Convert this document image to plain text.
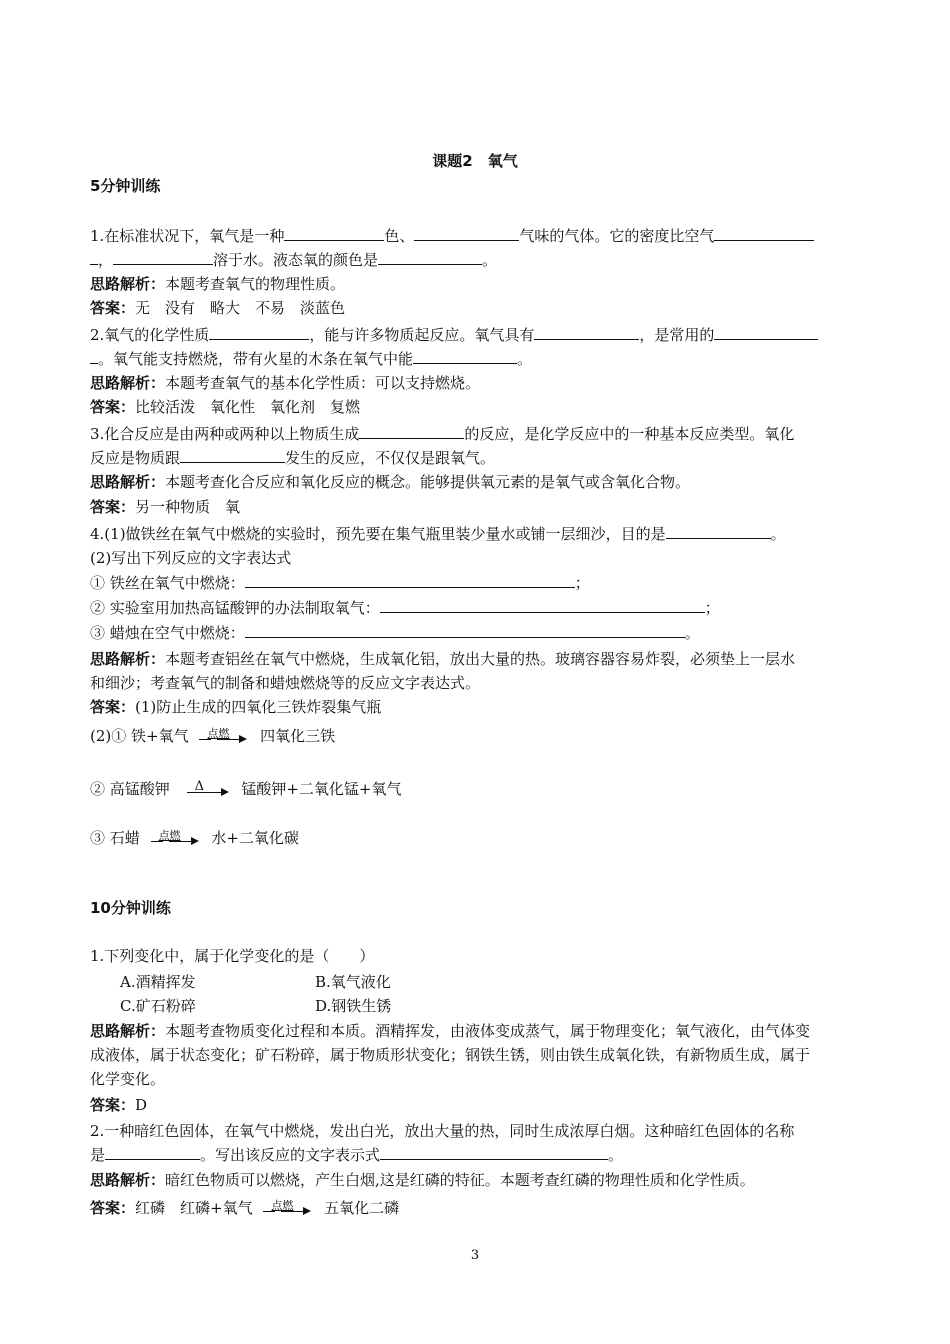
课题2　氧气
5分钟训练
1.在标准状况下，氧气是一种	色、	气味的气体。它的密度比空气
，	溶于水。液态氧的颜色是	。
思路解析：本题考查氧气的物理性质。
答案：无　没有　略大　不易　淡蓝色
2.氧气的化学性质	，能与许多物质起反应。氧气具有	，是常用的
。氧气能支持燃烧，带有火星的木条在氧气中能	。
思路解析：本题考查氧气的基本化学性质：可以支持燃烧。
答案：比较活泼　氧化性　氧化剂　复燃
3.化合反应是由两种或两种以上物质生成	的反应，是化学反应中的一种基本反应类型。氧化
反应是物质跟	发生的反应，不仅仅是跟氧气。
思路解析：本题考查化合反应和氧化反应的概念。能够提供氧元素的是氧气或含氧化合物。
答案：另一种物质　氧
4.(1)做铁丝在氧气中燃烧的实验时，预先要在集气瓶里装少量水或铺一层细沙，目的是	。
(2)写出下列反应的文字表达式
① 铁丝在氧气中燃烧：	；
② 实验室用加热高锰酸钾的办法制取氧气：	；
③ 蜡烛在空气中燃烧：	。
思路解析：本题考查铝丝在氧气中燃烧，生成氧化铝，放出大量的热。玻璃容器容易炸裂，必须垫上一层水
和细沙；考查氧气的制备和蜡烛燃烧等的反应文字表达式。
答案：(1)防止生成的四氧化三铁炸裂集气瓶
(2)① 铁+氧气 点燃 四氧化三铁
② 高锰酸钾 Δ 锰酸钾+二氧化锰+氧气
③ 石蜡 点燃 水+二氧化碳
10分钟训练
1.下列变化中，属于化学变化的是（　　）
A.酒精挥发	B.氧气液化
C.矿石粉碎	D.钢铁生锈
思路解析：本题考查物质变化过程和本质。酒精挥发，由液体变成蒸气，属于物理变化；氧气液化，由气体变
成液体，属于状态变化；矿石粉碎，属于物质形状变化；钢铁生锈，则由铁生成氧化铁，有新物质生成，属于
化学变化。
答案：D
2.一种暗红色固体，在氧气中燃烧，发出白光，放出大量的热，同时生成浓厚白烟。这种暗红色固体的名称
是	。写出该反应的文字表示式	。
思路解析：暗红色物质可以燃烧，产生白烟,这是红磷的特征。本题考查红磷的物理性质和化学性质。
答案：红磷　红磷+氧气 点燃 五氧化二磷
3
